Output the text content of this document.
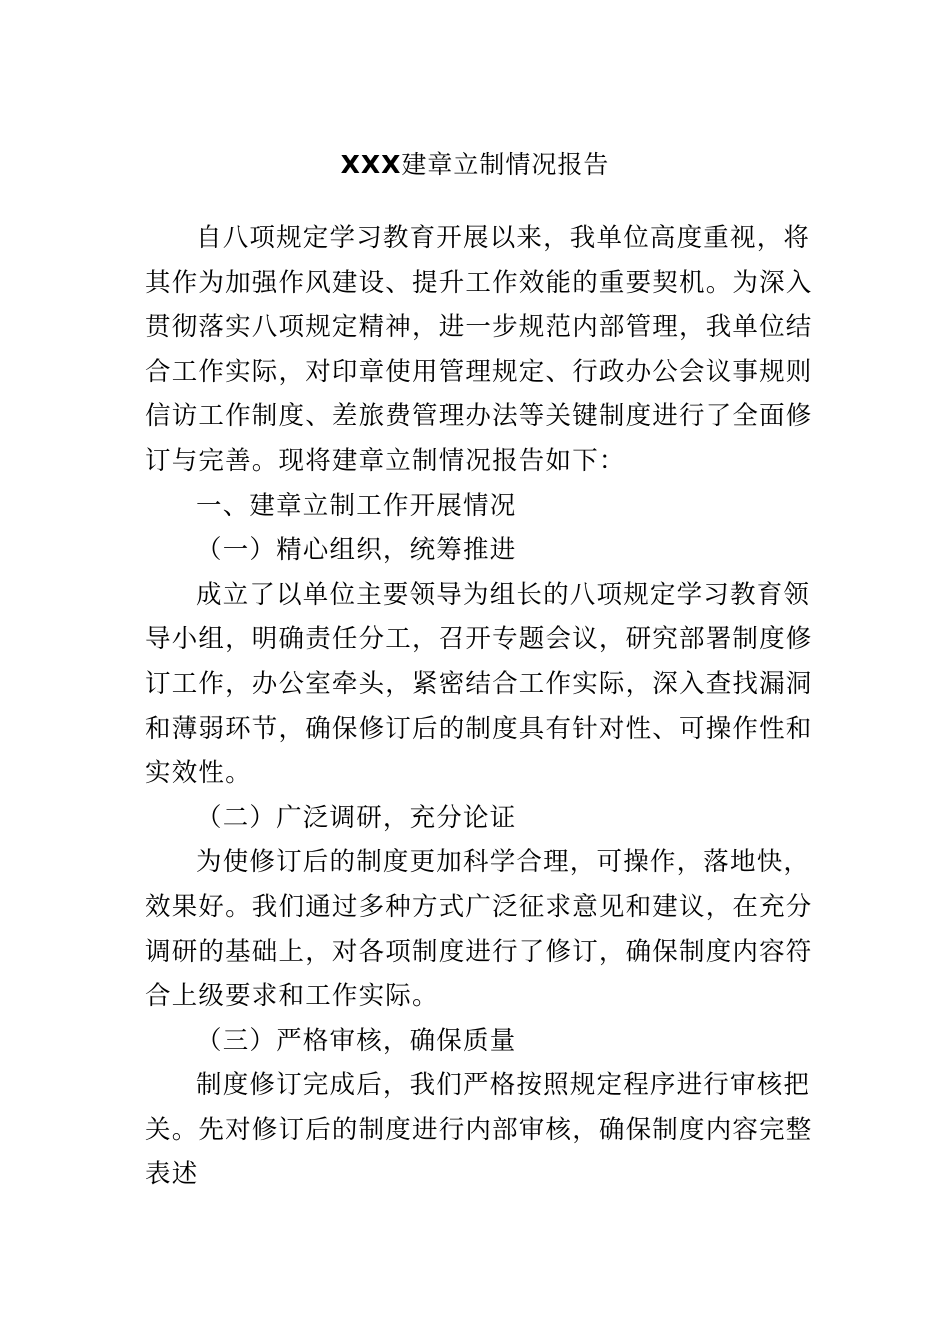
XXX建章立制情况报告

自八项规定学习教育开展以来，我单位高度重视，将

其作为加强作风建设、提升工作效能的重要契机。为深入

贯彻落实八项规定精神，进一步规范内部管理，我单位结

合工作实际，对印章使用管理规定、行政办公会议事规则

信访工作制度、差旅费管理办法等关键制度进行了全面修

订与完善。现将建章立制情况报告如下：

一、建章立制工作开展情况

（一）精心组织，统筹推进

成立了以单位主要领导为组长的八项规定学习教育领

导小组，明确责任分工，召开专题会议，研究部署制度修

订工作，办公室牵头，紧密结合工作实际，深入查找漏洞

和薄弱环节，确保修订后的制度具有针对性、可操作性和

实效性。

（二）广泛调研，充分论证

为使修订后的制度更加科学合理，可操作，落地快，

效果好。我们通过多种方式广泛征求意见和建议，在充分

调研的基础上，对各项制度进行了修订，确保制度内容符

合上级要求和工作实际。

（三）严格审核，确保质量

制度修订完成后，我们严格按照规定程序进行审核把

关。先对修订后的制度进行内部审核，确保制度内容完整

表述
